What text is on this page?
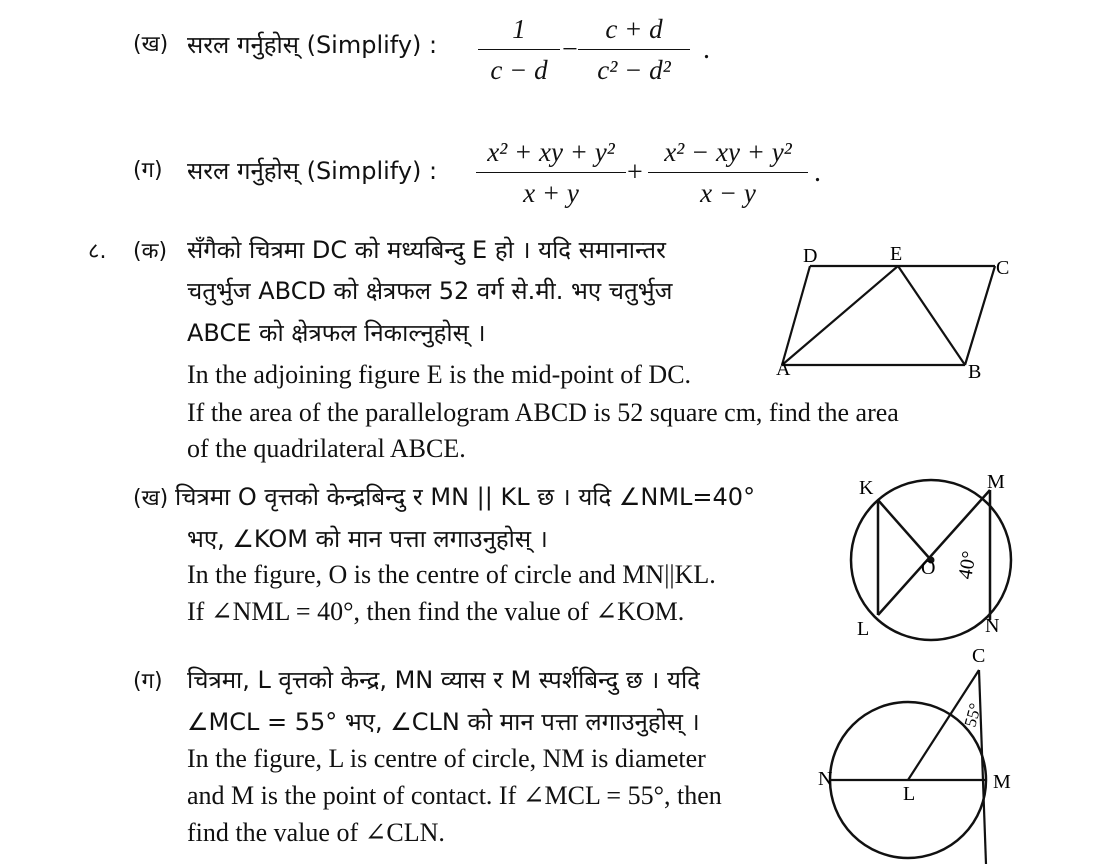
(ख) सरल गर्नुहोस् (Simplify) :
1
c − d
−
c + d
c² − d²
.
(ग) सरल गर्नुहोस् (Simplify) :
x² + xy + y²
x + y
+
x² − xy + y²
x − y
.
८. (क) सँगैको चित्रमा DC को मध्यबिन्दु E हो । यदि समानान्तर
चतुर्भुज ABCD को क्षेत्रफल 52 वर्ग से.मी. भए चतुर्भुज
ABCE को क्षेत्रफल निकाल्नुहोस् ।
In the adjoining figure E is the mid-point of DC.
If the area of the parallelogram ABCD is 52 square cm, find the area
of the quadrilateral ABCE.
D	E
C
A	B
(ख) चित्रमा O वृत्तको केन्द्रबिन्दु र MN || KL छ । यदि ∠NML=40°
भए, ∠KOM को मान पत्ता लगाउनुहोस् ।
In the figure, O is the centre of circle and MN||KL.
If ∠NML = 40°, then find the value of ∠KOM.
K	M
L	N
O 40°
(ग) चित्रमा, L वृत्तको केन्द्र, MN व्यास र M स्पर्शबिन्दु छ । यदि
∠MCL = 55° भए, ∠CLN को मान पत्ता लगाउनुहोस् ।
In the figure, L is centre of circle, NM is diameter
and M is the point of contact. If ∠MCL = 55°, then
find the value of ∠CLN.
C
N
L
M
55°
